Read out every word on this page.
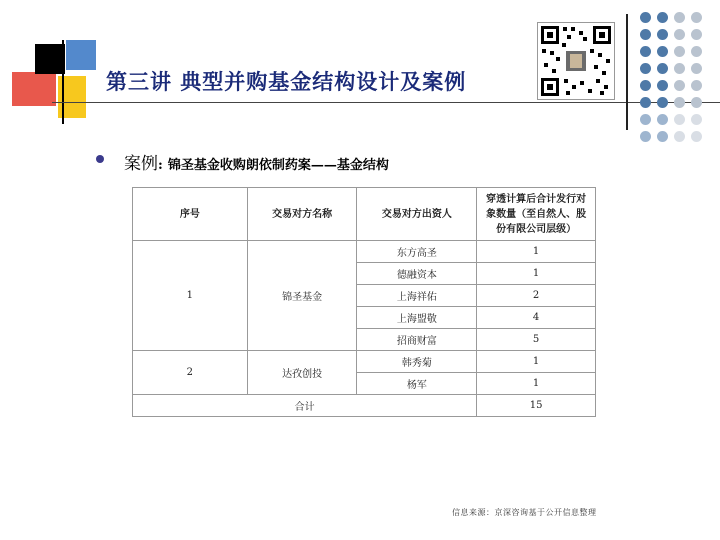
第三讲 典型并购基金结构设计及案例
案例: 锦圣基金收购朗依制药案——基金结构
序号	交易对方名称	交易对方出资人	穿透计算后合计发行对象数量（至自然人、股份有限公司层级）
1	锦圣基金	东方高圣	1
		德融资本	1
		上海祥佑	2
		上海盟敬	4
		招商财富	5
2	达孜创投	韩秀菊	1
		杨军	1
合计			15
信息来源：京深咨询基于公开信息整理
